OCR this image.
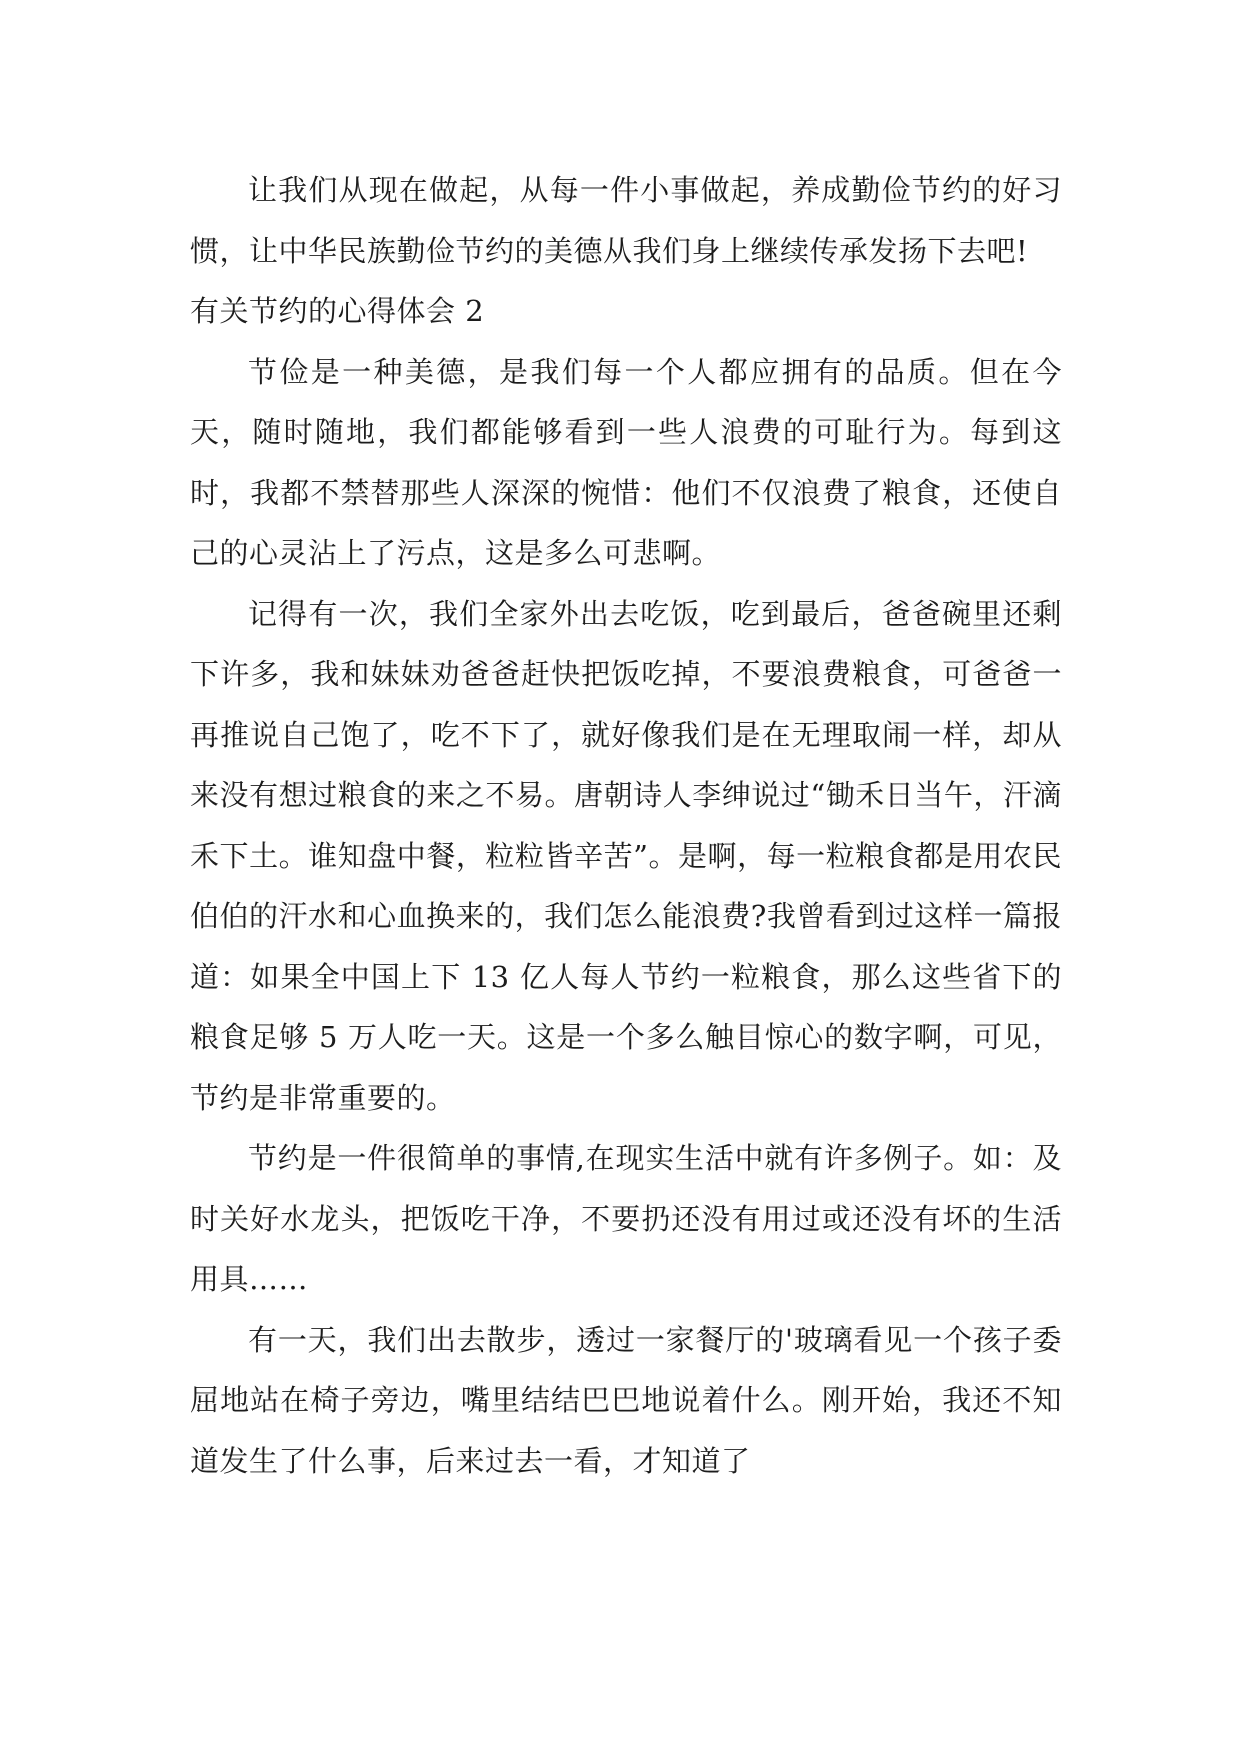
让我们从现在做起，从每一件小事做起，养成勤俭节约的好习惯，让中华民族勤俭节约的美德从我们身上继续传承发扬下去吧!

有关节约的心得体会 2

节俭是一种美德，是我们每一个人都应拥有的品质。但在今天，随时随地，我们都能够看到一些人浪费的可耻行为。每到这时，我都不禁替那些人深深的惋惜：他们不仅浪费了粮食，还使自己的心灵沾上了污点，这是多么可悲啊。

记得有一次，我们全家外出去吃饭，吃到最后，爸爸碗里还剩下许多，我和妹妹劝爸爸赶快把饭吃掉，不要浪费粮食，可爸爸一再推说自己饱了，吃不下了，就好像我们是在无理取闹一样，却从来没有想过粮食的来之不易。唐朝诗人李绅说过“锄禾日当午，汗滴禾下土。谁知盘中餐，粒粒皆辛苦”。是啊，每一粒粮食都是用农民伯伯的汗水和心血换来的，我们怎么能浪费?我曾看到过这样一篇报道：如果全中国上下 13 亿人每人节约一粒粮食，那么这些省下的粮食足够 5 万人吃一天。这是一个多么触目惊心的数字啊，可见，节约是非常重要的。

节约是一件很简单的事情,在现实生活中就有许多例子。如：及时关好水龙头，把饭吃干净，不要扔还没有用过或还没有坏的生活用具……

有一天，我们出去散步，透过一家餐厅的'玻璃看见一个孩子委屈地站在椅子旁边，嘴里结结巴巴地说着什么。刚开始，我还不知道发生了什么事，后来过去一看，才知道了
